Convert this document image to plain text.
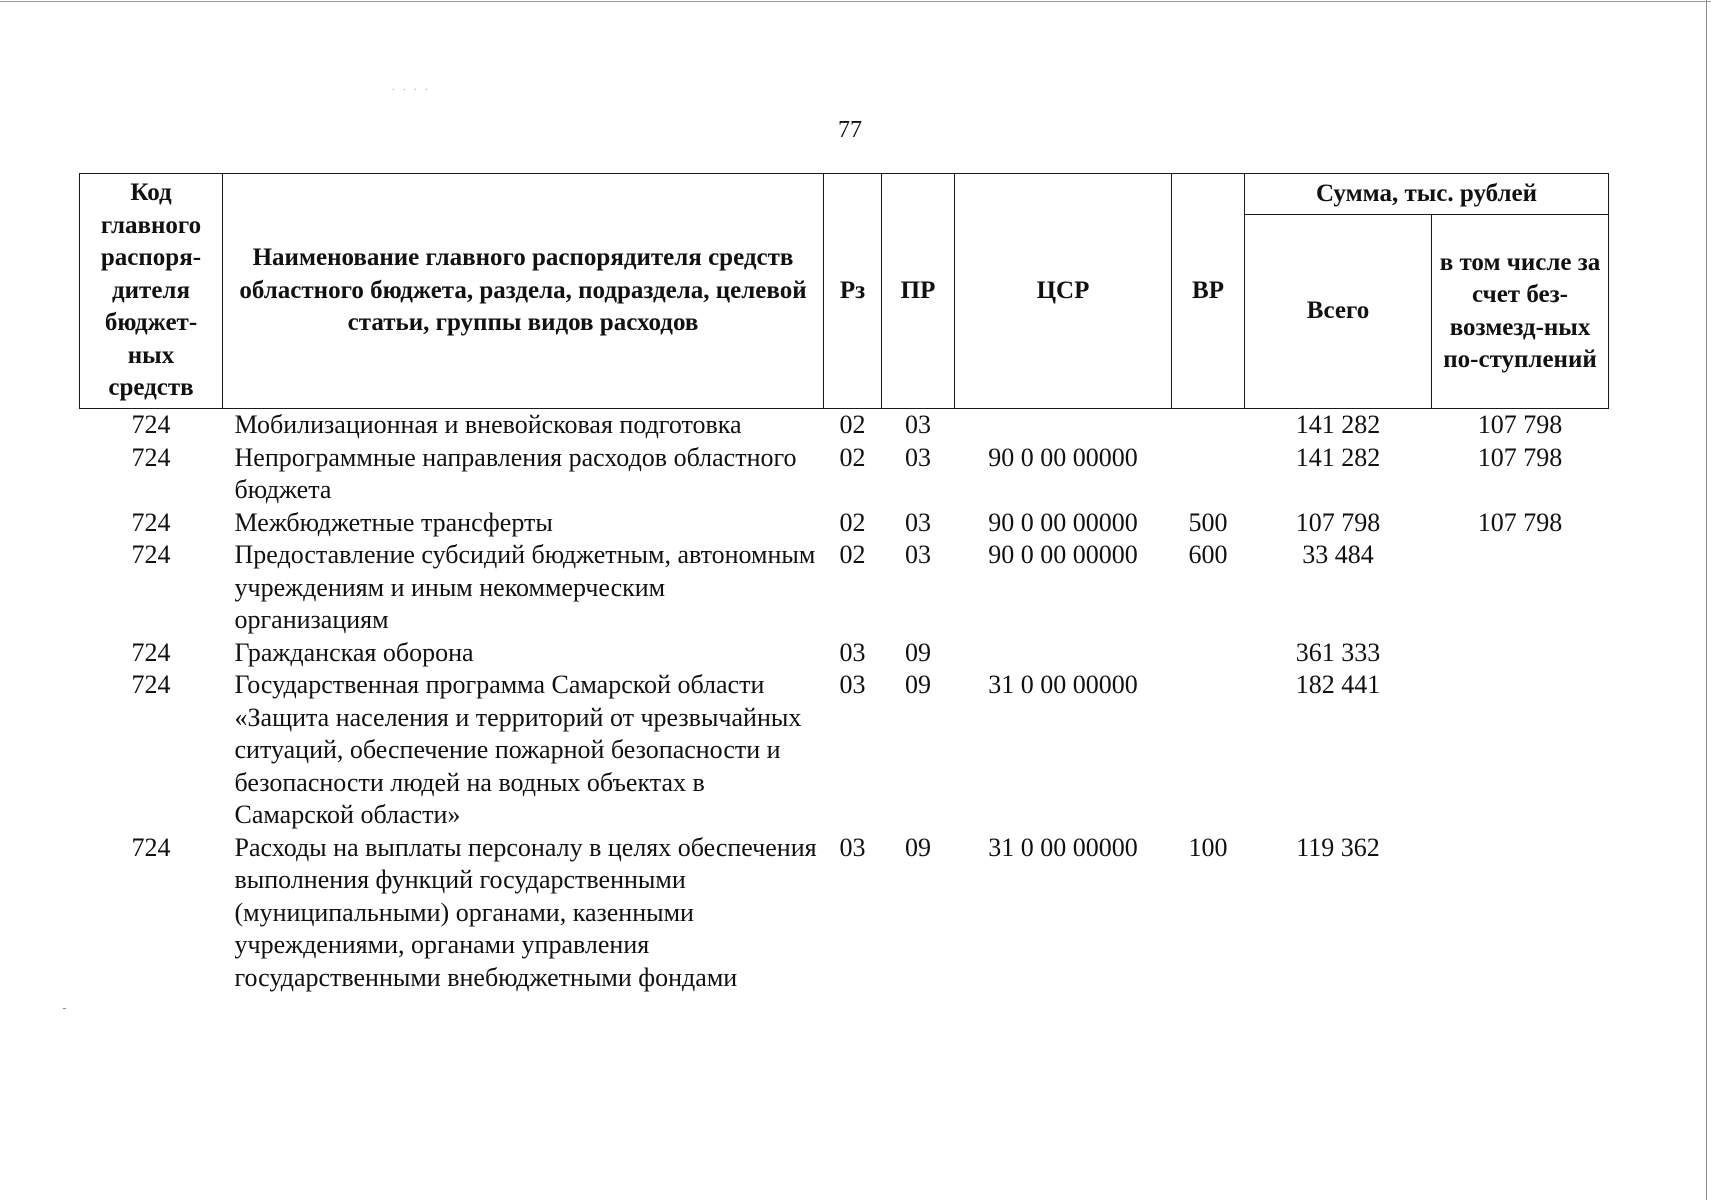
. . . .
77
Код главного распоря-дителя бюджет-ных средств	Наименование главного распорядителя средств областного бюджета, раздела, подраздела, целевой статьи, группы видов расходов	Рз	ПР	ЦСР	ВР	Сумма, тыс. рублей	
						Всего	в том числе за счет без-возмезд-ных по-ступлений
724	Мобилизационная и вневойсковая подготовка	02	03			141 282	107 798
724	Непрограммные направления расходов областного бюджета	02	03	90 0 00 00000		141 282	107 798
724	Межбюджетные трансферты	02	03	90 0 00 00000	500	107 798	107 798
724	Предоставление субсидий бюджетным, автономным учреждениям и иным некоммерческим организациям	02	03	90 0 00 00000	600	33 484	
724	Гражданская оборона	03	09			361 333	
724	Государственная программа Самарской области «Защита населения и территорий от чрезвычайных ситуаций, обеспечение пожарной безопасности и безопасности людей на водных объектах в Самарской области»	03	09	31 0 00 00000		182 441	
724	Расходы на выплаты персоналу в целях обеспечения выполнения функций государственными (муниципальными) органами, казенными учреждениями, органами управления государственными внебюджетными фондами	03	09	31 0 00 00000	100	119 362	
